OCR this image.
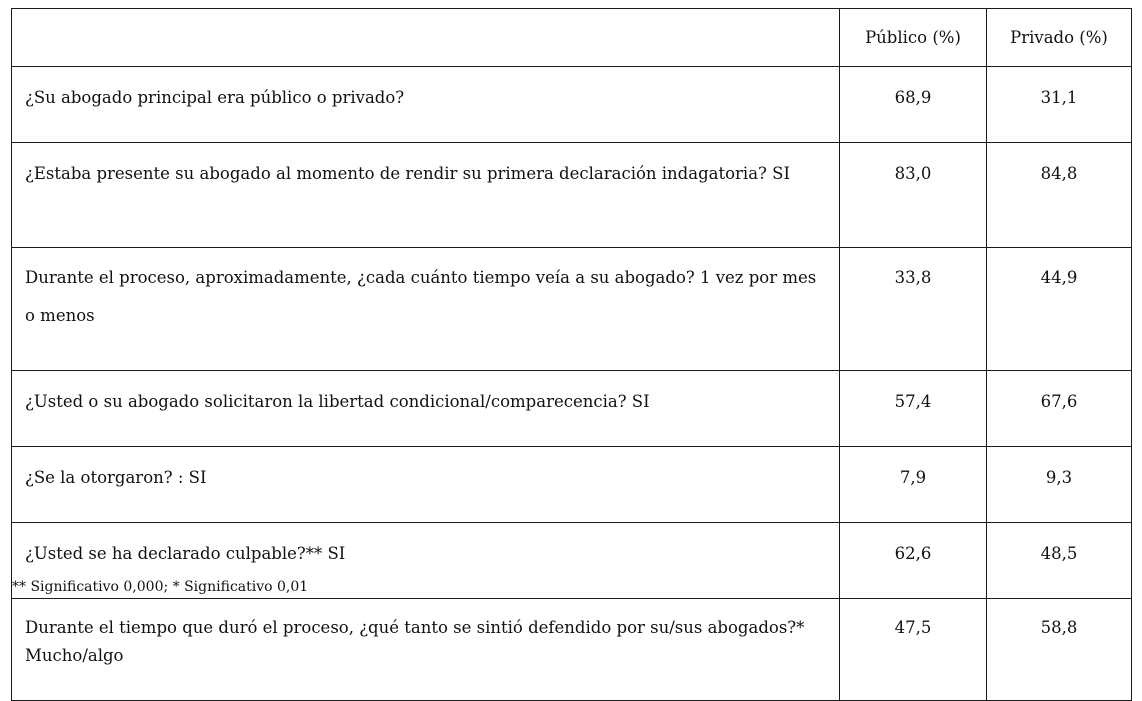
	Público (%)	Privado (%)
¿Su abogado principal era público o privado?	68,9	31,1
¿Estaba presente su abogado al momento de rendir su primera declaración indagatoria? SI	83,0	84,8
Durante el proceso, aproximadamente, ¿cada cuánto tiempo veía a su abogado? 1 vez por mes o menos	33,8	44,9
¿Usted o su abogado solicitaron la libertad condicional/comparecencia? SI	57,4	67,6
¿Se la otorgaron? : SI	7,9	9,3
¿Usted se ha declarado culpable?** SI	62,6	48,5
Durante el tiempo que duró el proceso, ¿qué tanto se sintió defendido por su/sus abogados?* Mucho/algo	47,5	58,8
** Significativo 0,000; * Significativo 0,01
